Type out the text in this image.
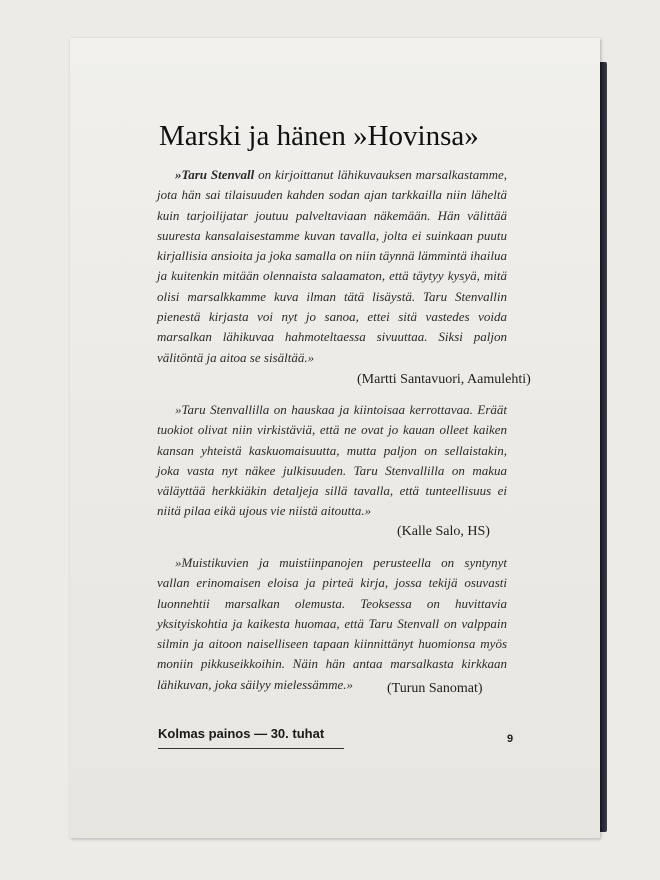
Marski ja hänen »Hovinsa»
»Taru Stenvall on kirjoittanut lähikuvauksen marsalkastamme, jota hän sai tilaisuuden kahden sodan ajan tarkkailla niin läheltä kuin tarjoilijatar joutuu palveltaviaan näkemään. Hän välittää suuresta kansalaisestamme kuvan tavalla, jolta ei suinkaan puutu kirjallisia ansioita ja joka samalla on niin täynnä lämmintä ihailua ja kuitenkin mitään olennaista salaamaton, että täytyy kysyä, mitä olisi marsalkkamme kuva ilman tätä lisäystä. Taru Stenvallin pienestä kirjasta voi nyt jo sanoa, ettei sitä vastedes voida marsalkan lähikuvaa hahmoteltaessa sivuuttaa. Siksi paljon välitöntä ja aitoa se sisältää.»
(Martti Santavuori, Aamulehti)
»Taru Stenvallilla on hauskaa ja kiintoisaa kerrottavaa. Eräät tuokiot olivat niin virkistäviä, että ne ovat jo kauan olleet kaiken kansan yhteistä kaskuomaisuutta, mutta paljon on sellaistakin, joka vasta nyt näkee julkisuuden. Taru Stenvallilla on makua väläyttää herkkiäkin detaljeja sillä tavalla, että tunteellisuus ei niitä pilaa eikä ujous vie niistä aitoutta.»
(Kalle Salo, HS)
»Muistikuvien ja muistiinpanojen perusteella on syntynyt vallan erinomaisen eloisa ja pirteä kirja, jossa tekijä osuvasti luonnehtii marsalkan olemusta. Teoksessa on huvittavia yksityiskohtia ja kaikesta huomaa, että Taru Stenvall on valppain silmin ja aitoon naiselliseen tapaan kiinnittänyt huomionsa myös moniin pikkuseikkoihin. Näin hän antaa marsalkasta kirkkaan lähikuvan, joka säilyy mielessämme.»	(Turun Sanomat)
Kolmas painos — 30. tuhat	9
